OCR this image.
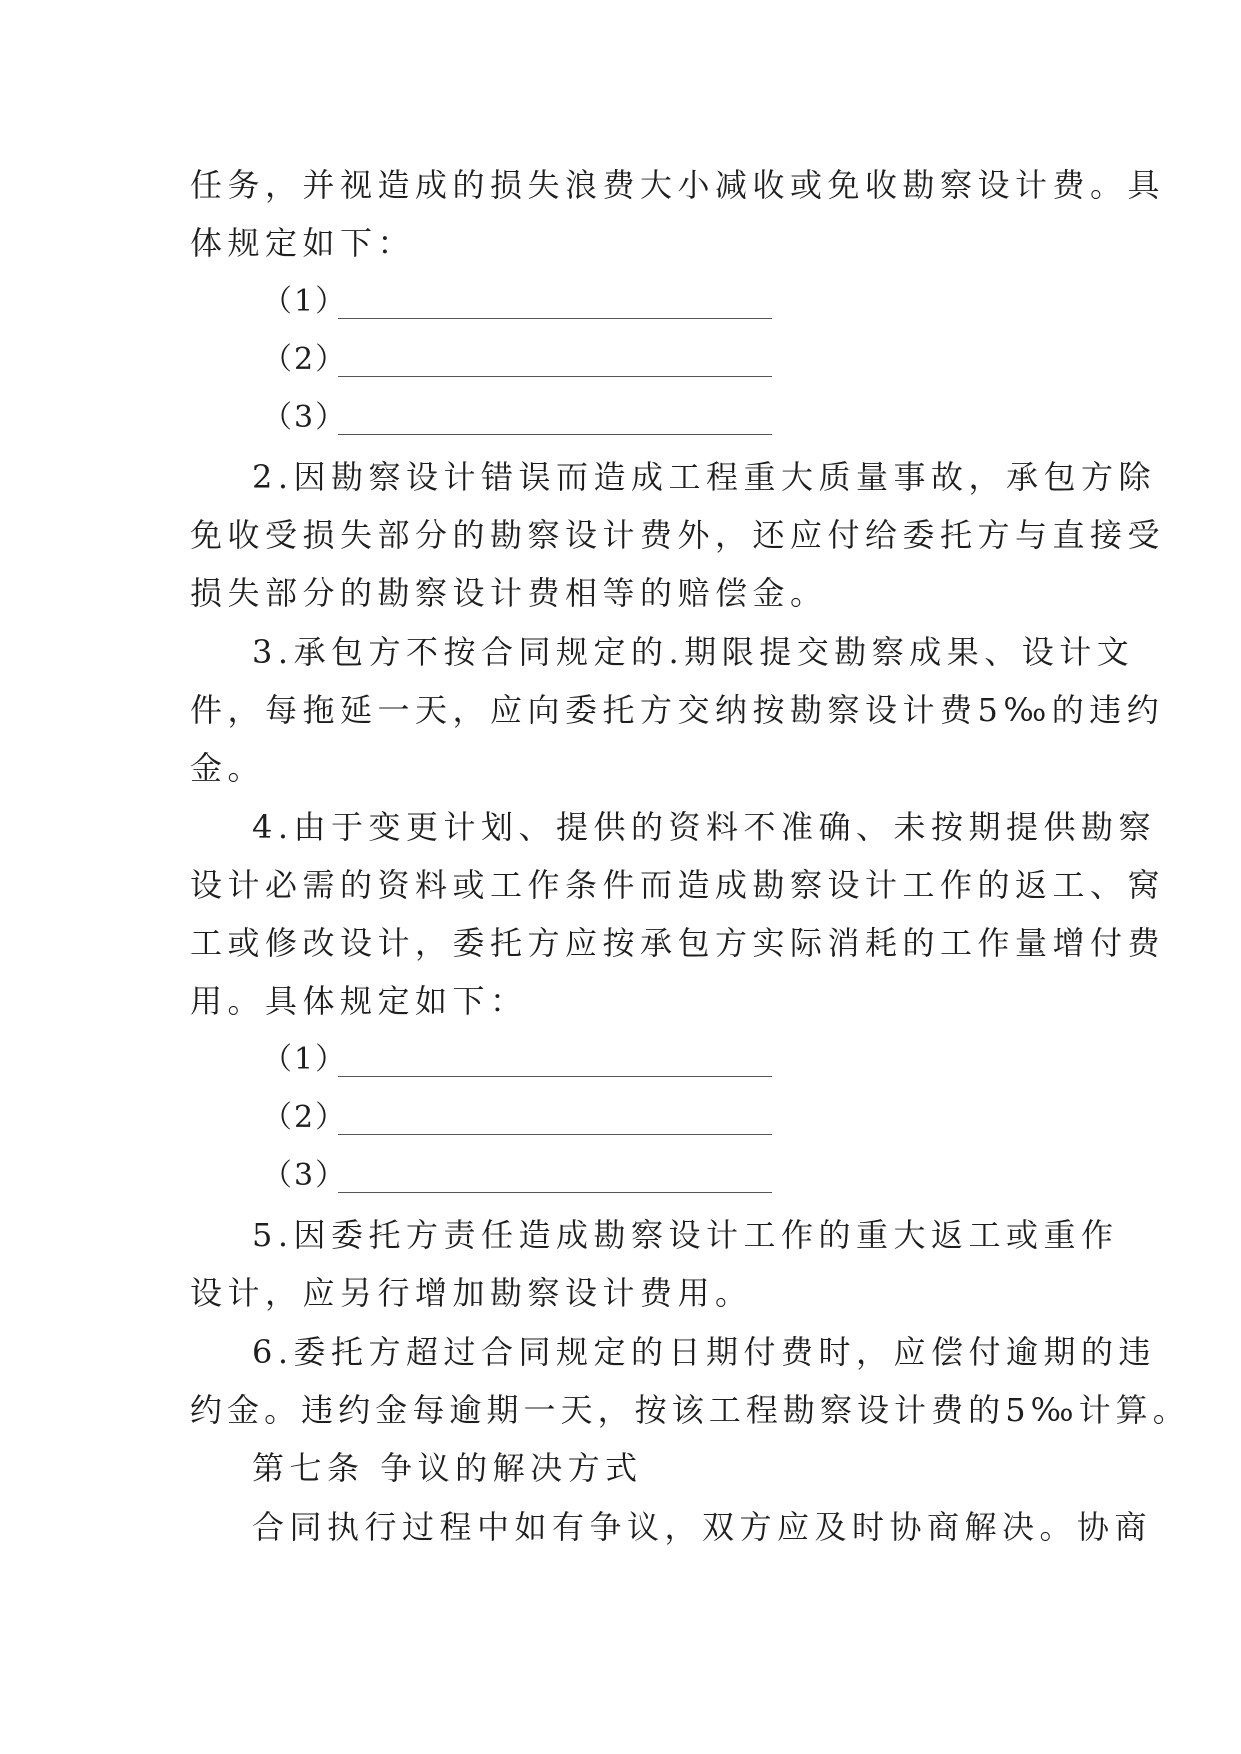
任务，并视造成的损失浪费大小减收或免收勘察设计费。具
体规定如下：
（1）
（2）
（3）
2.因勘察设计错误而造成工程重大质量事故，承包方除
免收受损失部分的勘察设计费外，还应付给委托方与直接受
损失部分的勘察设计费相等的赔偿金。
3.承包方不按合同规定的.期限提交勘察成果、设计文
件，每拖延一天，应向委托方交纳按勘察设计费5‰的违约
金。
4.由于变更计划、提供的资料不准确、未按期提供勘察
设计必需的资料或工作条件而造成勘察设计工作的返工、窝
工或修改设计，委托方应按承包方实际消耗的工作量增付费
用。具体规定如下：
（1）
（2）
（3）
5.因委托方责任造成勘察设计工作的重大返工或重作
设计，应另行增加勘察设计费用。
6.委托方超过合同规定的日期付费时，应偿付逾期的违
约金。违约金每逾期一天，按该工程勘察设计费的5‰计算。
第七条 争议的解决方式
合同执行过程中如有争议，双方应及时协商解决。协商
